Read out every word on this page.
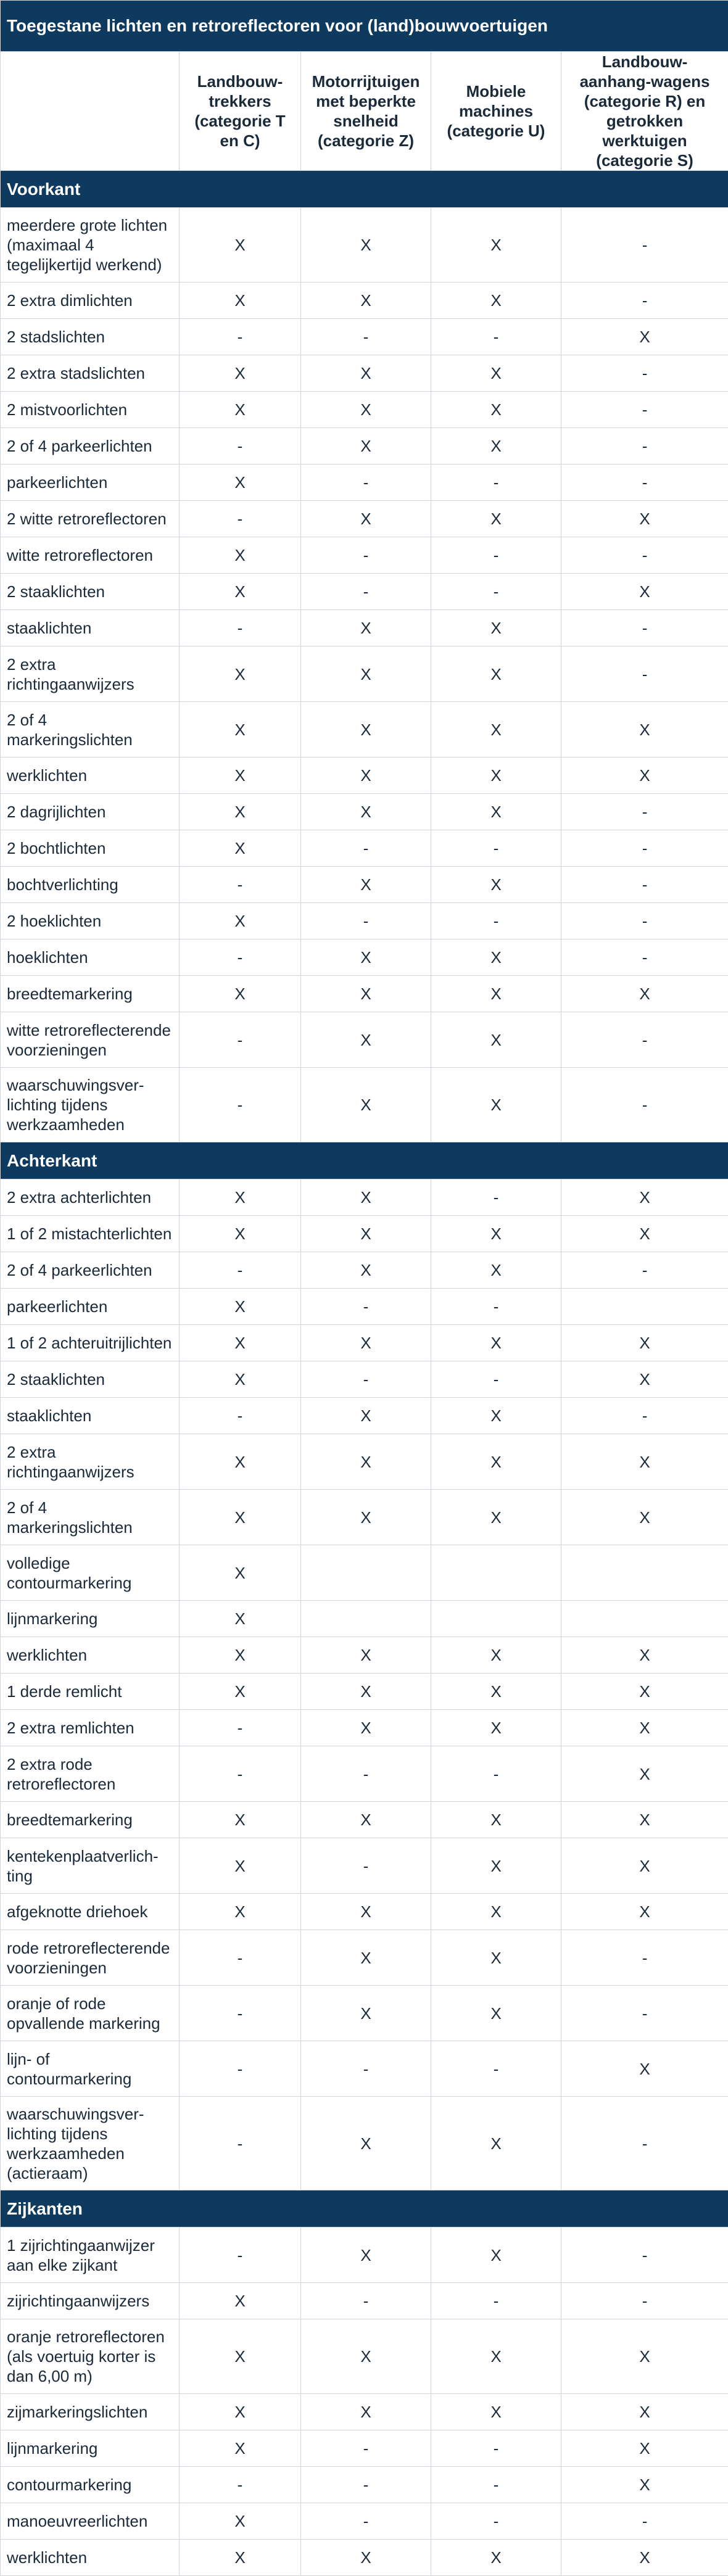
Toegestane lichten en retroreflectoren voor (land)bouwvoertuigen				
	Landbouw-trekkers (categorie T en C)	Motorrijtuigen met beperkte snelheid (categorie Z)	Mobiele machines (categorie U)	Landbouw-aanhang-wagens (categorie R) en getrokken werktuigen (categorie S)
Voorkant				
meerdere grote lichten (maximaal 4 tegelijkertijd werkend)	X	X	X	-
2 extra dimlichten	X	X	X	-
2 stadslichten	-	-	-	X
2 extra stadslichten	X	X	X	-
2 mistvoorlichten	X	X	X	-
2 of 4 parkeerlichten	-	X	X	-
parkeerlichten	X	-	-	-
2 witte retroreflectoren	-	X	X	X
witte retroreflectoren	X	-	-	-
2 staaklichten	X	-	-	X
staaklichten	-	X	X	-
2 extra richtingaanwijzers	X	X	X	-
2 of 4 markeringslichten	X	X	X	X
werklichten	X	X	X	X
2 dagrijlichten	X	X	X	-
2 bochtlichten	X	-	-	-
bochtverlichting	-	X	X	-
2 hoeklichten	X	-	-	-
hoeklichten	-	X	X	-
breedtemarkering	X	X	X	X
witte retroreflecterende voorzieningen	-	X	X	-
waarschuwingsver-lichting tijdens werkzaamheden	-	X	X	-
Achterkant				
2 extra achterlichten	X	X	-	X
1 of 2 mistachterlichten	X	X	X	X
2 of 4 parkeerlichten	-	X	X	-
parkeerlichten	X	-	-	
1 of 2 achteruitrijlichten	X	X	X	X
2 staaklichten	X	-	-	X
staaklichten	-	X	X	-
2 extra richtingaanwijzers	X	X	X	X
2 of 4 markeringslichten	X	X	X	X
volledige contourmarkering	X			
lijnmarkering	X			
werklichten	X	X	X	X
1 derde remlicht	X	X	X	X
2 extra remlichten	-	X	X	X
2 extra rode retroreflectoren	-	-	-	X
breedtemarkering	X	X	X	X
kentekenplaatverlich-ting	X	-	X	X
afgeknotte driehoek	X	X	X	X
rode retroreflecterende voorzieningen	-	X	X	-
oranje of rode opvallende markering	-	X	X	-
lijn- of contourmarkering	-	-	-	X
waarschuwingsver-lichting tijdens werkzaamheden (actieraam)	-	X	X	-
Zijkanten				
1 zijrichtingaanwijzer aan elke zijkant	-	X	X	-
zijrichtingaanwijzers	X	-	-	-
oranje retroreflectoren (als voertuig korter is dan 6,00 m)	X	X	X	X
zijmarkeringslichten	X	X	X	X
lijnmarkering	X	-	-	X
contourmarkering	-	-	-	X
manoeuvreerlichten	X	-	-	-
werklichten	X	X	X	X
